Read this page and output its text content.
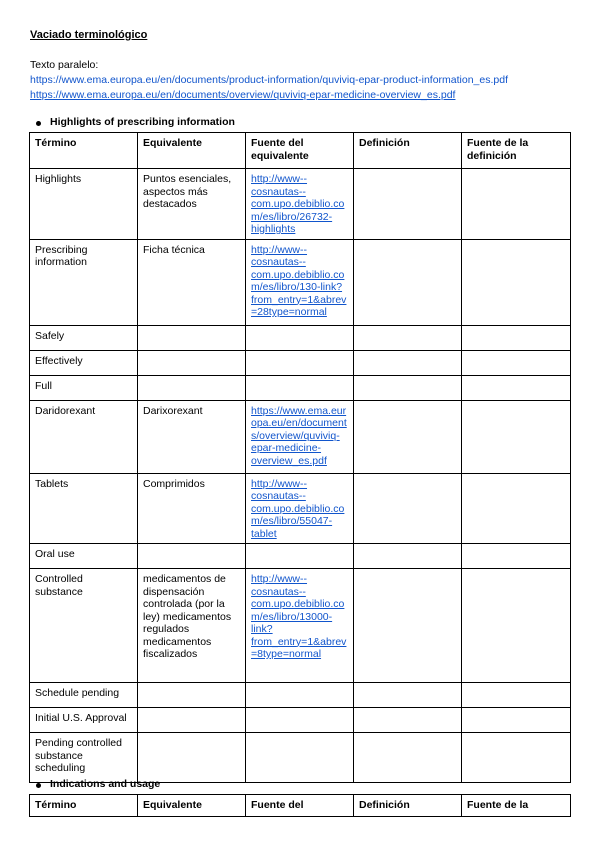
Vaciado terminológico
Texto paralelo:
https://www.ema.europa.eu/en/documents/product-information/quviviq-epar-product-information_es.pdf
https://www.ema.europa.eu/en/documents/overview/quviviq-epar-medicine-overview_es.pdf
Highlights of prescribing information
Término	Equivalente	Fuente del equivalente	Definición	Fuente de la definición
Highlights	Puntos esenciales, aspectos más destacados	http://www--cosnautas--com.upo.debiblio.com/es/libro/26732-highlights		
Prescribing information	Ficha técnica	http://www--cosnautas--com.upo.debiblio.com/es/libro/130-link?from_entry=1&abrev=28type=normal		
Safely				
Effectively				
Full				
Daridorexant	Darixorexant	https://www.ema.europa.eu/en/documents/overview/quviviq-epar-medicine-overview_es.pdf		
Tablets	Comprimidos	http://www--cosnautas--com.upo.debiblio.com/es/libro/55047-tablet		
Oral use				
Controlled substance	medicamentos de dispensación controlada (por la ley) medicamentos regulados medicamentos fiscalizados	http://www--cosnautas--com.upo.debiblio.com/es/libro/13000-link?from_entry=1&abrev=8type=normal		
Schedule pending				
Initial U.S. Approval				
Pending controlled substance scheduling				
Indications and usage
Término	Equivalente	Fuente del	Definición	Fuente de la
